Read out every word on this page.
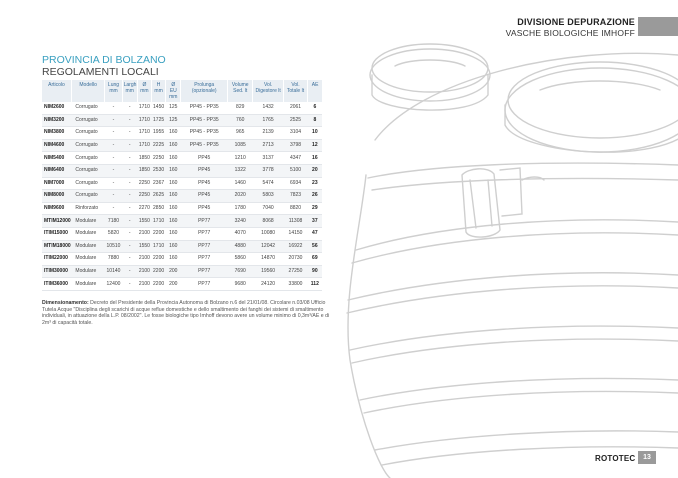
DIVISIONE DEPURAZIONE
VASCHE BIOLOGICHE IMHOFF
PROVINCIA DI BOLZANO
REGOLAMENTI LOCALI
Articolo	Modello	Lung mm	Largh mm	Ø mm	H mm	Ø EU mm	Prolunga (opzionale)	Volume Sed. lt	Vol. Digestore lt	Vol. Totale lt	AE
NIM2600	Corrugato	-	-	1710	1450	125	PP45 - PP35	829	1432	2061	6
NIM3200	Corrugato	-	-	1710	1725	125	PP45 - PP35	760	1765	2525	8
NIM3800	Corrugato	-	-	1710	1955	160	PP45 - PP35	965	2139	3104	10
NIM4600	Corrugato	-	-	1710	2225	160	PP45 - PP35	1085	2713	3798	12
NIM5400	Corrugato	-	-	1850	2250	160	PP45	1210	3137	4347	16
NIM6400	Corrugato	-	-	1850	2530	160	PP45	1322	3778	5100	20
NIM7000	Corrugato	-	-	2250	2367	160	PP45	1460	5474	6934	23
NIM8000	Corrugato	-	-	2250	2625	160	PP45	2020	5803	7823	26
NIM9600	Rinforzato	-	-	2270	2850	160	PP45	1780	7040	8820	29
MTIM12000	Modulare	7180	-	1550	1710	160	PP77	3240	8068	11308	37
ITIM15000	Modulare	5820	-	2100	2200	160	PP77	4070	10080	14150	47
MTIM18000	Modulare	10510	-	1550	1710	160	PP77	4880	12042	16922	56
ITIM22000	Modulare	7880	-	2100	2200	160	PP77	5860	14870	20730	69
ITIM30000	Modulare	10140	-	2100	2200	200	PP77	7690	19560	27250	90
ITIM36000	Modulare	12400	-	2100	2200	200	PP77	9680	24120	33800	112
Dimensionamento: Decreto del Presidente della Provincia Autonoma di Bolzano n.6 del 21/01/08. Circolare n.03/08 Ufficio Tutela Acque "Disciplina degli scarichi di acque reflue domestiche e dello smaltimento dei fanghi dei sistemi di smaltimento individuali, in attuazione della L.P. 08/2002". Le fosse biologiche tipo Imhoff devono avere un volume minimo di 0,3m³/AE e di 2m³ di capacità totale.
ROTOTEC	13
